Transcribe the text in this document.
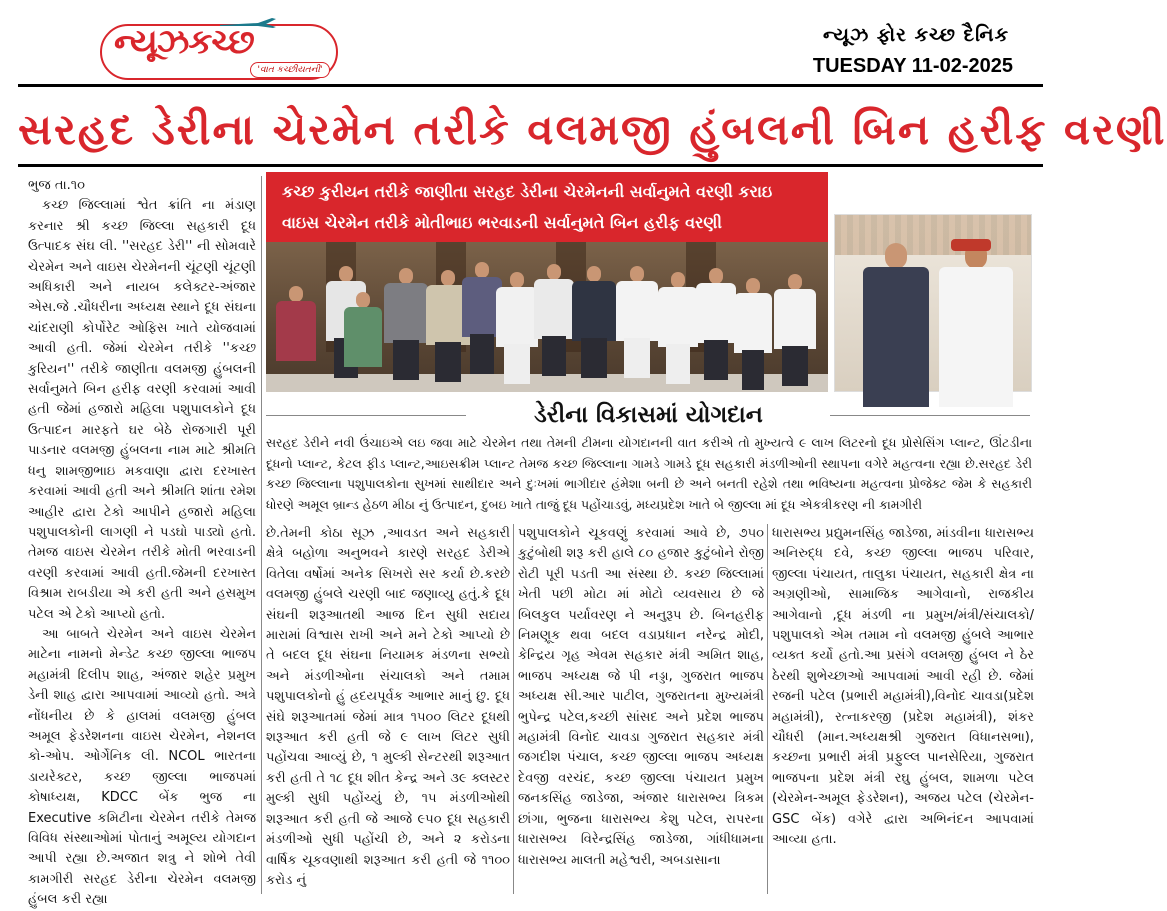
ન્યૂઝકચ્છ
'વાત કચ્છીયતની'
ન્યૂઝ ફોર કચ્છ દૈનિક
TUESDAY 11-02-2025
સરહદ ડેરીના ચેરમેન તરીકે વલમજી હુંબલની બિન હરીફ વરણી

ભુજ તા.૧૦

કચ્છ જિલ્લામાં શ્વેત ક્રાંતિ ના મંડાણ કરનાર શ્રી કચ્છ જિલ્લા સહકારી દૂધ ઉત્પાદક સંઘ લી. ''સરહદ ડેરી'' ની સોમવારે ચેરમેન અને વાઇસ ચેરમેનની ચૂંટણી ચૂંટણી અધિકારી અને નાયબ કલેક્ટર-અંજાર એસ.જે .ચૌધરીના અધ્યક્ષ સ્થાને દૂધ સંઘના ચાંદરાણી કોર્પોરેટ ઓફિસ ખાતે યોજવામાં આવી હતી. જેમાં ચેરમેન તરીકે ''કચ્છ કુરિયન'' તરીકે જાણીતા વલમજી હુંબલની સર્વાનુમતે બિન હરીફ વરણી કરવામાં આવી હતી જેમાં હજારો મહિલા પશુપાલકોને દૂધ ઉત્પાદન મારફતે ઘર બેઠે રોજગારી પૂરી પાડનાર વલમજી હુંબલના નામ માટે શ્રીમતિ ધનુ શામજીભાઇ મકવાણા દ્વારા દરખાસ્ત કરવામાં આવી હતી અને શ્રીમતિ શાંતા રમેશ આહીર દ્વારા ટેકો આપીને હજારો મહિલા પશુપાલકોની લાગણી ને પડઘો પાડ્યો હતો. તેમજ વાઇસ ચેરમેન તરીકે મોતી ભરવાડની વરણી કરવામાં આવી હતી.જેમની દરખાસ્ત વિશ્રામ રાબડીયા એ કરી હતી અને હસમુખ પટેલ એ ટેકો આપ્યો હતો.

આ બાબતે ચેરમેન અને વાઇસ ચેરમેન માટેના નામનો મેન્ડેટ કચ્છ જીલ્લા ભાજપ મહામંત્રી દિલીપ શાહ, અંજાર શહેર પ્રમુખ ડેની શાહ દ્વારા આપવામાં આવ્યો હતો. અત્રે નોંધનીય છે કે હાલમાં વલમજી હુંબલ અમૂલ ફેડરેશનના વાઇસ ચેરમેન, નેશનલ કો-ઓપ. ઓર્ગેનિક લી. NCOL ભારતના ડાયરેક્ટર, કચ્છ જીલ્લા ભાજપમાં કોષાધ્યક્ષ, KDCC બેંક ભુજ ના Executive કમિટીના ચેરમેન તરીકે તેમજ વિવિધ સંસ્થાઓમાં પોતાનું અમૂલ્ય યોગદાન આપી રહ્યા છે.અજાત શત્રુ ને શોભે તેવી કામગીરી સરહદ ડેરીના ચેરમેન વલમજી હુંબલ કરી રહ્યા

કચ્છ કુરીયન તરીકે જાણીતા સરહદ ડેરીના ચેરમેનની સર્વાનુમતે વરણી કરાઇ વાઇસ ચેરમેન તરીકે મોતીભાઇ ભરવાડની સર્વાનુમતે બિન હરીફ વરણી
ડેરીના વિકાસમાં યોગદાન
સરહદ ડેરીને નવી ઉંચાઇએ લઇ જવા માટે ચેરમેન તથા તેમની ટીમના યોગદાનની વાત કરીએ તો મુખ્યત્વે ૯ લાખ લિટરનો દૂધ પ્રોસેસિંગ પ્લાન્ટ, ઊંટડીના દૂધનો પ્લાન્ટ, કેટલ ફીડ પ્લાન્ટ,આઇસક્રીમ પ્લાન્ટ તેમજ કચ્છ જિલ્લાના ગામડે ગામડે દૂધ સહકારી મંડળીઓની સ્થાપના વગેરે મહત્વના રહ્યા છે.સરહદ ડેરી કચ્છ જિલ્લાના પશુપાલકોના સુખમાં સાથીદાર અને દુઃખમાં ભાગીદાર હંમેશા બની છે અને બનતી રહેશે તથા ભવિષ્યના મહત્વના પ્રોજેક્ટ જેમ કે સહકારી ધોરણે અમૂલ બ્રાન્ડ હેઠળ મીઠા નું ઉત્પાદન, દુબઇ ખાતે તાજું દૂધ પહોંચાડવું, મધ્યપ્રદેશ ખાતે બે જીલ્લા માં દૂધ એકત્રીકરણ ની કામગીરી
છે.તેમની કોઠા સૂઝ ,આવડત અને સહકારી ક્ષેત્રે બહોળા અનુભવને કારણે સરહદ ડેરીએ વિતેલા વર્ષોમાં અનેક સિખરો સર કર્યા છે.કરછે વલમજી હુંબલે ચરણી બાદ જણાવ્યુ હતું.કે દૂધ સંઘની શરૂઆતથી આજ દિન સુધી સદાય મારામાં વિશ્વાસ રાખી અને મને ટેકો આપ્યો છે તે બદલ દૂધ સંઘના નિયામક મંડળના સભ્યો અને મંડળીઓના સંચાલકો અને તમામ પશુપાલકોનો હું હ્રદયપૂર્વક આભાર માનું છુ. દૂધ સંઘે શરૂઆતમાં જેમાં માત્ર ૧૫૦૦ લિટર દૂધથી શરૂઆત કરી હતી જે ૯ લાખ લિટર સુધી પહોંચવા આવ્યું છે, ૧ મુલ્કી સેન્ટરથી શરૂઆત કરી હતી તે ૧૮ દૂધ શીત કેન્દ્ર અને ૩૯ ક્લસ્ટર મુલ્કી સુધી પહોંચ્યું છે, ૧૫ મંડળીઓથી શરૂઆત કરી હતી જે આજે ૯૫૦ દૂધ સહકારી મંડળીઓ સુધી પહોંચી છે, અને ૨ કરોડના વાર્ષિક ચૂકવણાથી શરૂઆત કરી હતી જે ૧૧૦૦ કરોડ નું
પશુપાલકોને ચૂકવણું કરવામાં આવે છે, ૭૫૦ કુટુંબોથી શરૂ કરી હાલે ૮૦ હજાર કુટુંબોને રોજી રોટી પૂરી પડતી આ સંસ્થા છે. કચ્છ જિલ્લામાં ખેતી પછી મોટા માં મોટો વ્યવસાય છે જે બિલકુલ પર્યાવરણ ને અનુરૂપ છે. બિનહરીફ નિમણૂક થવા બદલ વડાપ્રધાન નરેન્દ્ર મોદી, કેન્દ્રિય ગૃહ એવમ સહકાર મંત્રી અમિત શાહ, ભાજપ અધ્યક્ષ જે પી નડ્ડા, ગુજરાત ભાજપ અધ્યક્ષ સી.આર પાટીલ, ગુજરાતના મુખ્યમંત્રી ભુપેન્દ્ર પટેલ,કચ્છી સાંસદ અને પ્રદેશ ભાજપ મહામંત્રી વિનોદ ચાવડા ગુજરાત સહકાર મંત્રી જગદીશ પંચાલ, કચ્છ જીલ્લા ભાજપ અધ્યક્ષ દેવજી વરચંદ, કચ્છ જીલ્લા પંચાયત પ્રમુખ જનકસિંહ જાડેજા, અંજાર ધારાસભ્ય ત્રિકમ છાંગા, ભુજના ધારાસભ્ય કેશુ પટેલ, રાપરના ધારાસભ્ય વિરેન્દ્રસિંહ જાડેજા, ગાંધીધામના ધારાસભ્ય માલતી મહેશ્વરી, અબડાસાના
ધારાસભ્ય પ્રદ્યુમનસિંહ જાડેજા, માંડવીના ધારાસભ્ય અનિરુદ્ધ દવે, કચ્છ જીલ્લા ભાજપ પરિવાર, જીલ્લા પંચાયત, તાલુકા પંચાયત, સહકારી ક્ષેત્ર ના અગ્રણીઓ, સામાજિક આગેવાનો, રાજકીય આગેવાનો ,દૂધ મંડળી ના પ્રમુખ/મંત્રી/સંચાલકો/પશુપાલકો એમ તમામ નો વલમજી હુંબલે આભાર વ્યક્ત કર્યો હતો.આ પ્રસંગે વલમજી હુંબલ ને ઠેર ઠેરથી શુભેચ્છાઓ આપવામાં આવી રહી છે. જેમાં રજની પટેલ (પ્રભારી મહામંત્રી),વિનોદ ચાવડા(પ્રદેશ મહામંત્રી), રત્નાકરજી (પ્રદેશ મહામંત્રી), શંકર ચૌધરી (માન.અધ્યક્ષશ્રી ગુજરાત વિધાનસભા), કચ્છના પ્રભારી મંત્રી પ્રફુલ્લ પાનસેરિયા, ગુજરાત ભાજપના પ્રદેશ મંત્રી રઘુ હુંબલ, શામળા પટેલ (ચેરમેન-અમૂલ ફેડરેશન), અજય પટેલ (ચેરમેન-GSC બેંક) વગેરે દ્વારા અભિનંદન આપવામાં આવ્યા હતા.
